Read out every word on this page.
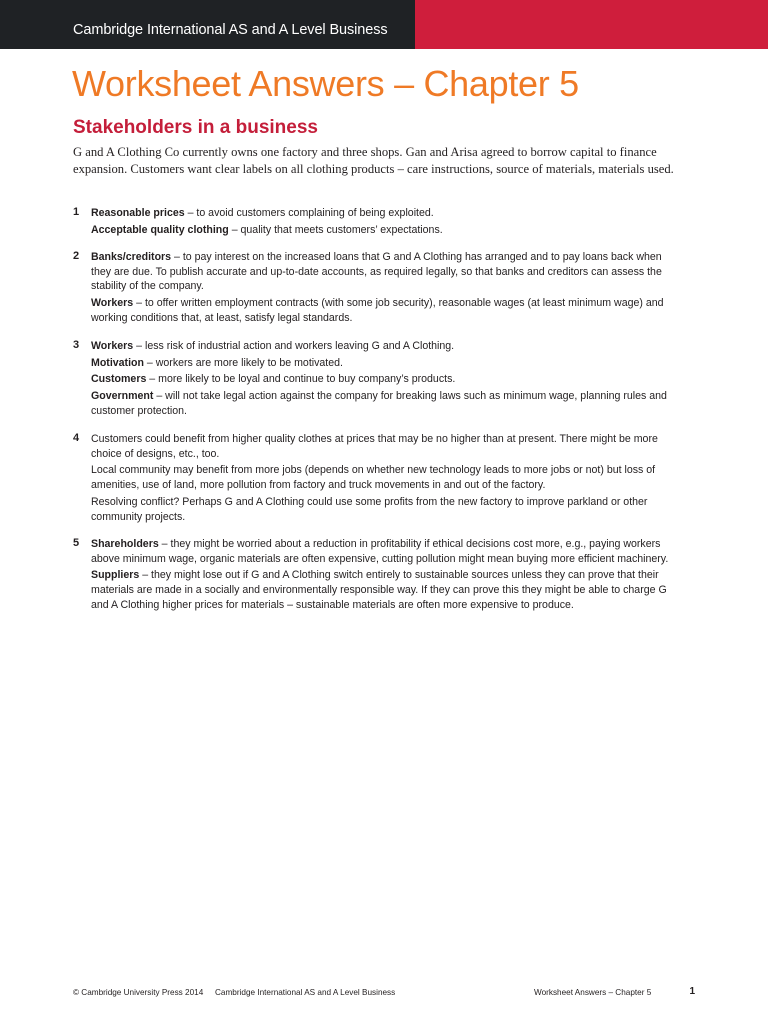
Cambridge International AS and A Level Business
Worksheet Answers – Chapter 5
Stakeholders in a business

G and A Clothing Co currently owns one factory and three shops. Gan and Arisa agreed to borrow capital to finance expansion. Customers want clear labels on all clothing products – care instructions, source of materials, materials used.

1 Reasonable prices – to avoid customers complaining of being exploited.

Acceptable quality clothing – quality that meets customers’ expectations.

2 Banks/creditors – to pay interest on the increased loans that G and A Clothing has arranged and to pay loans back when they are due. To publish accurate and up-to-date accounts, as required legally, so that banks and creditors can assess the stability of the company.

Workers – to offer written employment contracts (with some job security), reasonable wages (at least minimum wage) and working conditions that, at least, satisfy legal standards.

3 Workers – less risk of industrial action and workers leaving G and A Clothing.

Motivation – workers are more likely to be motivated.

Customers – more likely to be loyal and continue to buy company’s products.

Government – will not take legal action against the company for breaking laws such as minimum wage, planning rules and customer protection.

4 Customers could benefit from higher quality clothes at prices that may be no higher than at present. There might be more choice of designs, etc., too.

Local community may benefit from more jobs (depends on whether new technology leads to more jobs or not) but loss of amenities, use of land, more pollution from factory and truck movements in and out of the factory.

Resolving conflict? Perhaps G and A Clothing could use some profits from the new factory to improve parkland or other community projects.

5 Shareholders – they might be worried about a reduction in profitability if ethical decisions cost more, e.g., paying workers above minimum wage, organic materials are often expensive, cutting pollution might mean buying more efficient machinery.

Suppliers – they might lose out if G and A Clothing switch entirely to sustainable sources unless they can prove that their materials are made in a socially and environmentally responsible way. If they can prove this they might be able to charge G and A Clothing higher prices for materials – sustainable materials are often more expensive to produce.

© Cambridge University Press 2014 Cambridge International AS and A Level Business	Worksheet Answers – Chapter 5	1
